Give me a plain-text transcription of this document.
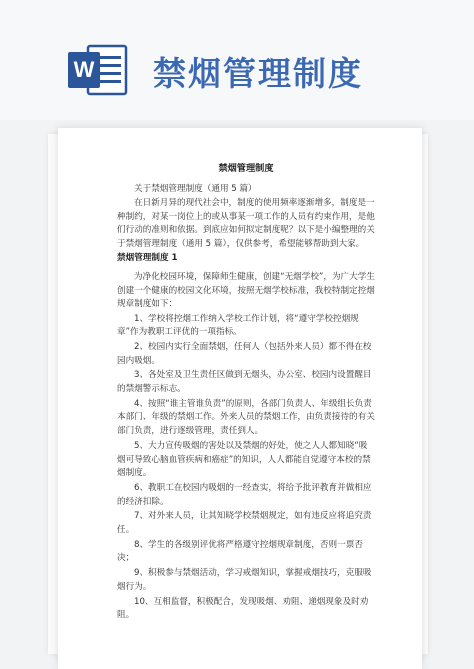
W 禁烟管理制度
禁烟管理制度
关于禁烟管理制度（通用 5 篇）
在日新月异的现代社会中，制度的使用频率逐渐增多，制度是一种制约，对某一岗位上的或从事某一项工作的人员有约束作用，是他们行动的准则和依据。到底应如何拟定制度呢？以下是小编整理的关于禁烟管理制度（通用 5 篇），仅供参考，希望能够帮助到大家。
禁烟管理制度 1
为净化校园环境，保障师生健康，创建“无烟学校”，为广大学生创建一个健康的校园文化环境，按照无烟学校标准，我校特制定控烟规章制度如下：
1、学校将控烟工作纳入学校工作计划，将“遵守学校控烟规章”作为教职工评优的一项指标。
2、校园内实行全面禁烟，任何人（包括外来人员）都不得在校园内吸烟。
3、各处室及卫生责任区做到无烟头，办公室、校园内设置醒目的禁烟警示标志。
4、按照“谁主管谁负责”的原则，各部门负责人、年级组长负责本部门、年级的禁烟工作。外来人员的禁烟工作，由负责接待的有关部门负责，进行逐级管理，责任到人。
5、大力宣传吸烟的害处以及禁烟的好处，使之人人都知晓“吸烟可导致心脑血管疾病和癌症”的知识，人人都能自觉遵守本校的禁烟制度。
6、教职工在校园内吸烟的一经查实，将给予批评教育并做相应的经济扣除。
7、对外来人员，让其知晓学校禁烟规定，如有违反应将追究责任。
8、学生的各级别评优将严格遵守控烟规章制度，否则一票否决；
9、积极参与禁烟活动，学习戒烟知识，掌握戒烟技巧，克服吸烟行为。
10、互相监督，积极配合，发现吸烟、劝阻、递烟现象及时劝阻。
